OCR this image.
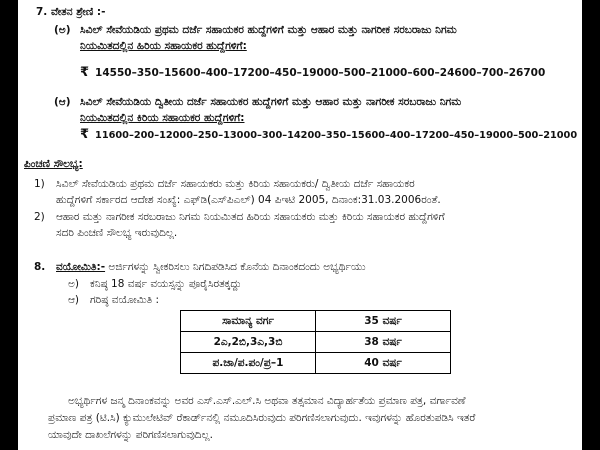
7. ವೇತನ ಶ್ರೇಣಿ :-
(ಅ) ಸಿವಿಲ್ ಸೇವೆಯಡಿಯ ಪ್ರಥಮ ದರ್ಜೆ ಸಹಾಯಕರ ಹುದ್ದೆಗಳಿಗೆ ಮತ್ತು ಆಹಾರ ಮತ್ತು ನಾಗರೀಕ ಸರಬರಾಜು ನಿಗಮ
ನಿಯಮಿತದಲ್ಲಿನ ಹಿರಿಯ ಸಹಾಯಕರ ಹುದ್ದೆಗಳಿಗೆ:
₹ 14550–350–15600–400–17200–450–19000–500–21000–600–24600–700–26700
(ಆ) ಸಿವಿಲ್ ಸೇವೆಯಡಿಯ ದ್ವಿತೀಯ ದರ್ಜೆ ಸಹಾಯಕರ ಹುದ್ದೆಗಳಿಗೆ ಮತ್ತು ಆಹಾರ ಮತ್ತು ನಾಗರೀಕ ಸರಬರಾಜು ನಿಗಮ
ನಿಯಮಿತದಲ್ಲಿನ ಕಿರಿಯ ಸಹಾಯಕರ ಹುದ್ದೆಗಳಿಗೆ:
₹ 11600–200–12000–250–13000–300–14200–350–15600–400–17200–450–19000–500–21000
ಪಿಂಚಣಿ ಸೌಲಭ್ಯ:
1) ಸಿವಿಲ್ ಸೇವೆಯಡಿಯ ಪ್ರಥಮ ದರ್ಜೆ ಸಹಾಯಕರು ಮತ್ತು ಕಿರಿಯ ಸಹಾಯಕರು/ ದ್ವಿತೀಯ ದರ್ಜೆ ಸಹಾಯಕರ
ಹುದ್ದೆಗಳಿಗೆ ಸರ್ಕಾರದ ಆದೇಶ ಸಂಖ್ಯೆ: ಎಫ್‌ಡಿ(ಎಸ್‌ಪಿಎಲ್) 04 ಪಿಇಟಿ 2005, ದಿನಾಂಕ:31.03.2006ರಂತೆ.
2) ಆಹಾರ ಮತ್ತು ನಾಗರೀಕ ಸರಬರಾಜು ನಿಗಮ ನಿಯಮಿತದ ಹಿರಿಯ ಸಹಾಯಕರು ಮತ್ತು ಕಿರಿಯ ಸಹಾಯಕರ ಹುದ್ದೆಗಳಿಗೆ
ಸದರಿ ಪಿಂಚಣಿ ಸೌಲಭ್ಯ ಇರುವುದಿಲ್ಲ.
8. ವಯೋಮಿತಿ:- ಅರ್ಜಿಗಳನ್ನು ಸ್ವೀಕರಿಸಲು ನಿಗದಿಪಡಿಸಿದ ಕೊನೆಯ ದಿನಾಂಕದಂದು ಅಭ್ಯರ್ಥಿಯು
ಅ) ಕನಿಷ್ಠ 18 ವರ್ಷ ವಯಸ್ಸನ್ನು ಪೂರೈಸಿರತಕ್ಕದ್ದು
ಆ) ಗರಿಷ್ಠ ವಯೋಮಿತಿ :
ಸಾಮಾನ್ಯ ವರ್ಗ	35 ವರ್ಷ
2ಎ,2ಬಿ,3ಎ,3ಬಿ	38 ವರ್ಷ
ಪ.ಜಾ/ಪ.ಪಂ/ಪ್ರ–1	40 ವರ್ಷ
ಅಭ್ಯರ್ಥಿಗಳ ಜನ್ಮ ದಿನಾಂಕವನ್ನು ಅವರ ಎಸ್.ಎಸ್.ಎಲ್.ಸಿ ಅಥವಾ ತತ್ಸಮಾನ ವಿದ್ಯಾರ್ಹತೆಯ ಪ್ರಮಾಣ ಪತ್ರ, ವರ್ಗಾವಣೆ
ಪ್ರಮಾಣ ಪತ್ರ (ಟಿ.ಸಿ) ಕ್ಯುಮುಲೇಟಿವ್ ರೆಕಾರ್ಡ್‌ನಲ್ಲಿ ನಮೂದಿಸಿರುವುದು ಪರಿಗಣಿಸಲಾಗುವುದು. ಇವುಗಳನ್ನು ಹೊರತುಪಡಿಸಿ ಇತರೆ
ಯಾವುದೇ ದಾಖಲೆಗಳನ್ನು ಪರಿಗಣಿಸಲಾಗುವುದಿಲ್ಲ.
